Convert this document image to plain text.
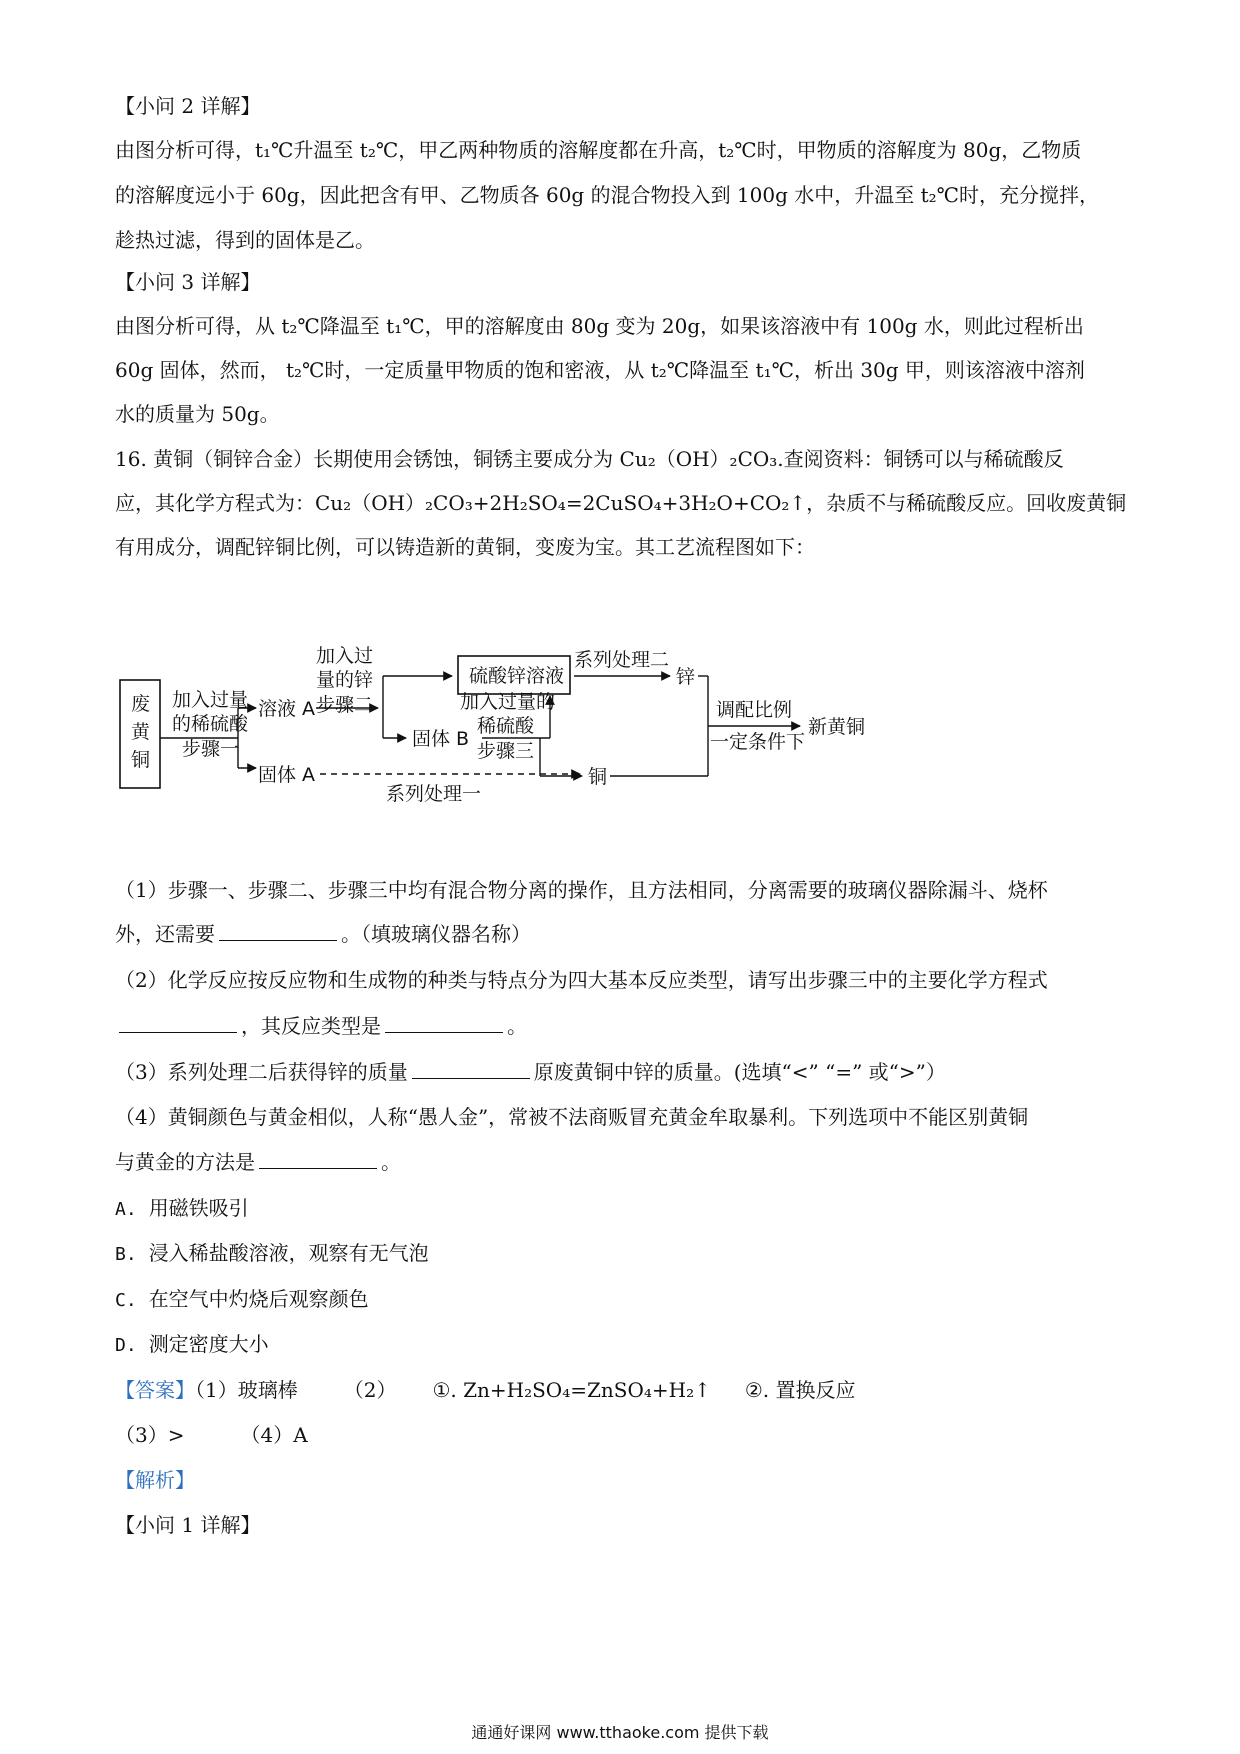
【小问 2 详解】
由图分析可得，t₁℃升温至 t₂℃，甲乙两种物质的溶解度都在升高，t₂℃时，甲物质的溶解度为 80g，乙物质
的溶解度远小于 60g，因此把含有甲、乙物质各 60g 的混合物投入到 100g 水中，升温至 t₂℃时，充分搅拌，
趁热过滤，得到的固体是乙。
【小问 3 详解】
由图分析可得，从 t₂℃降温至 t₁℃，甲的溶解度由 80g 变为 20g，如果该溶液中有 100g 水，则此过程析出
60g 固体，然而， t₂℃时，一定质量甲物质的饱和密液，从 t₂℃降温至 t₁℃，析出 30g 甲，则该溶液中溶剂
水的质量为 50g。
16. 黄铜（铜锌合金）长期使用会锈蚀，铜锈主要成分为 Cu₂（OH）₂CO₃.查阅资料：铜锈可以与稀硫酸反
应，其化学方程式为：Cu₂（OH）₂CO₃+2H₂SO₄=2CuSO₄+3H₂O+CO₂↑，杂质不与稀硫酸反应。回收废黄铜
有用成分，调配锌铜比例，可以铸造新的黄铜，变废为宝。其工艺流程图如下：
废
黄
铜
加入过量
的稀硫酸
步骤一
溶液 A
加入过
量的锌
步骤二
硫酸锌溶液
系列处理二
锌
固体 B
加入过量的
稀硫酸
步骤三
铜
固体 A
系列处理一
调配比例
一定条件下
新黄铜
（1）步骤一、步骤二、步骤三中均有混合物分离的操作，且方法相同，分离需要的玻璃仪器除漏斗、烧杯
外，还需要	。（填玻璃仪器名称）
（2）化学反应按反应物和生成物的种类与特点分为四大基本反应类型，请写出步骤三中的主要化学方程式
，其反应类型是	。
（3）系列处理二后获得锌的质量	原废黄铜中锌的质量。(选填“<” “=” 或“>”）
（4）黄铜颜色与黄金相似，人称“愚人金”，常被不法商贩冒充黄金牟取暴利。下列选项中不能区别黄铜
与黄金的方法是	。
A. 用磁铁吸引
B. 浸入稀盐酸溶液，观察有无气泡
C. 在空气中灼烧后观察颜色
D. 测定密度大小
【答案】（1）玻璃棒 （2） ①. Zn+H₂SO₄=ZnSO₄+H₂↑ ②. 置换反应
（3）>	（4）A
【解析】
【小问 1 详解】
通通好课网 www.tthaoke.com 提供下载
